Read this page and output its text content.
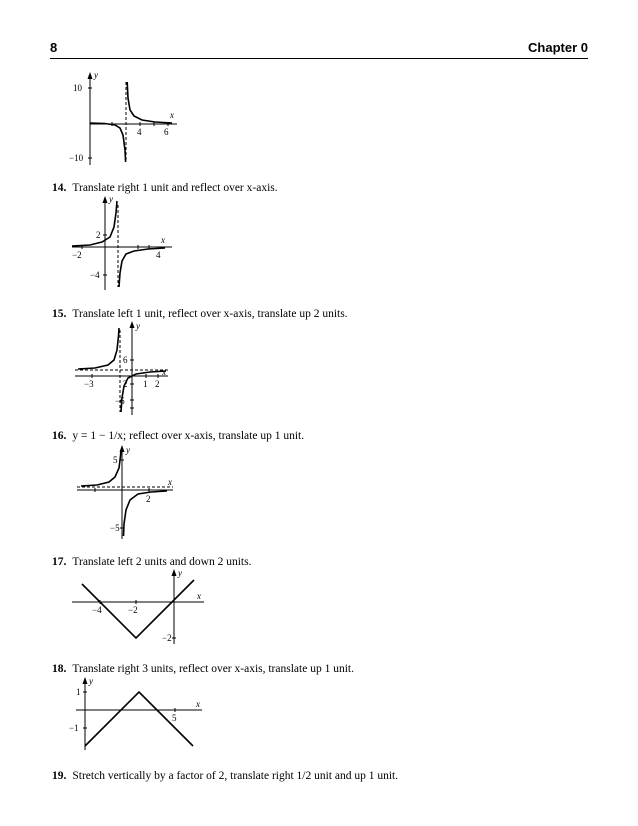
8	Chapter 0
y
x
10
−10
4	6
14. Translate right 1 unit and reflect over x-axis.
y
x
2
−4
−2	4
15. Translate left 1 unit, reflect over x-axis, translate up 2 units.
y
x
6
2
−6
−3	1 2
16. y = 1 − 1/x; reflect over x-axis, translate up 1 unit.
y
x
5
−5
2
17. Translate left 2 units and down 2 units.
y
x
−4	−2
−2
18. Translate right 3 units, reflect over x-axis, translate up 1 unit.
y
x
1
−1
5
19. Stretch vertically by a factor of 2, translate right 1/2 unit and up 1 unit.
